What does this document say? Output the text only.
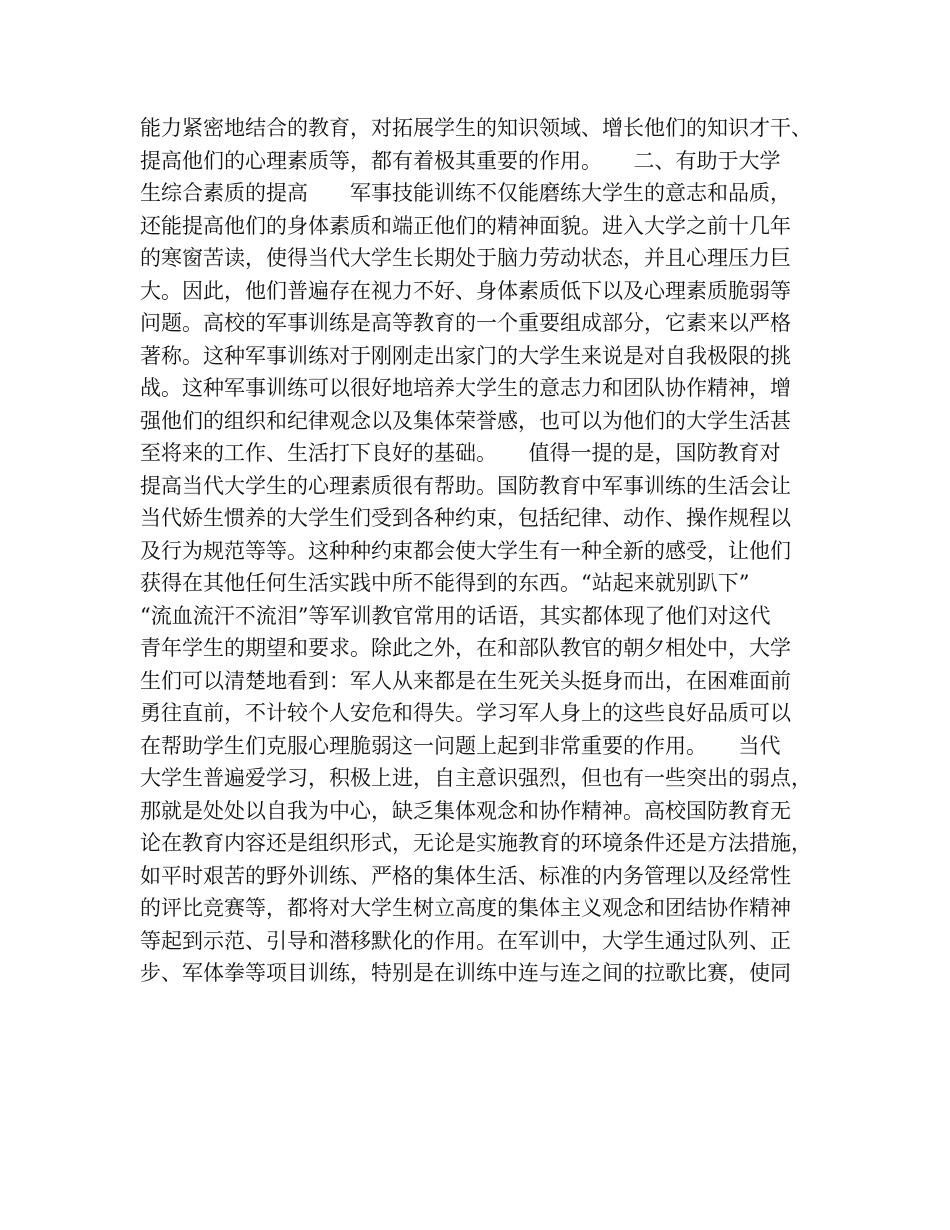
能力紧密地结合的教育，对拓展学生的知识领域、增长他们的知识才干、
提高他们的心理素质等，都有着极其重要的作用。　　二、有助于大学
生综合素质的提高　　军事技能训练不仅能磨练大学生的意志和品质，
还能提高他们的身体素质和端正他们的精神面貌。进入大学之前十几年
的寒窗苦读，使得当代大学生长期处于脑力劳动状态，并且心理压力巨
大。因此，他们普遍存在视力不好、身体素质低下以及心理素质脆弱等
问题。高校的军事训练是高等教育的一个重要组成部分，它素来以严格
著称。这种军事训练对于刚刚走出家门的大学生来说是对自我极限的挑
战。这种军事训练可以很好地培养大学生的意志力和团队协作精神，增
强他们的组织和纪律观念以及集体荣誉感，也可以为他们的大学生活甚
至将来的工作、生活打下良好的基础。　　值得一提的是，国防教育对
提高当代大学生的心理素质很有帮助。国防教育中军事训练的生活会让
当代娇生惯养的大学生们受到各种约束，包括纪律、动作、操作规程以
及行为规范等等。这种种约束都会使大学生有一种全新的感受，让他们
获得在其他任何生活实践中所不能得到的东西。“站起来就别趴下”
“流血流汗不流泪”等军训教官常用的话语，其实都体现了他们对这代
青年学生的期望和要求。除此之外，在和部队教官的朝夕相处中，大学
生们可以清楚地看到：军人从来都是在生死关头挺身而出，在困难面前
勇往直前，不计较个人安危和得失。学习军人身上的这些良好品质可以
在帮助学生们克服心理脆弱这一问题上起到非常重要的作用。　　当代
大学生普遍爱学习，积极上进，自主意识强烈，但也有一些突出的弱点，
那就是处处以自我为中心，缺乏集体观念和协作精神。高校国防教育无
论在教育内容还是组织形式，无论是实施教育的环境条件还是方法措施，
如平时艰苦的野外训练、严格的集体生活、标准的内务管理以及经常性
的评比竞赛等，都将对大学生树立高度的集体主义观念和团结协作精神
等起到示范、引导和潜移默化的作用。在军训中，大学生通过队列、正
步、军体拳等项目训练，特别是在训练中连与连之间的拉歌比赛，使同
